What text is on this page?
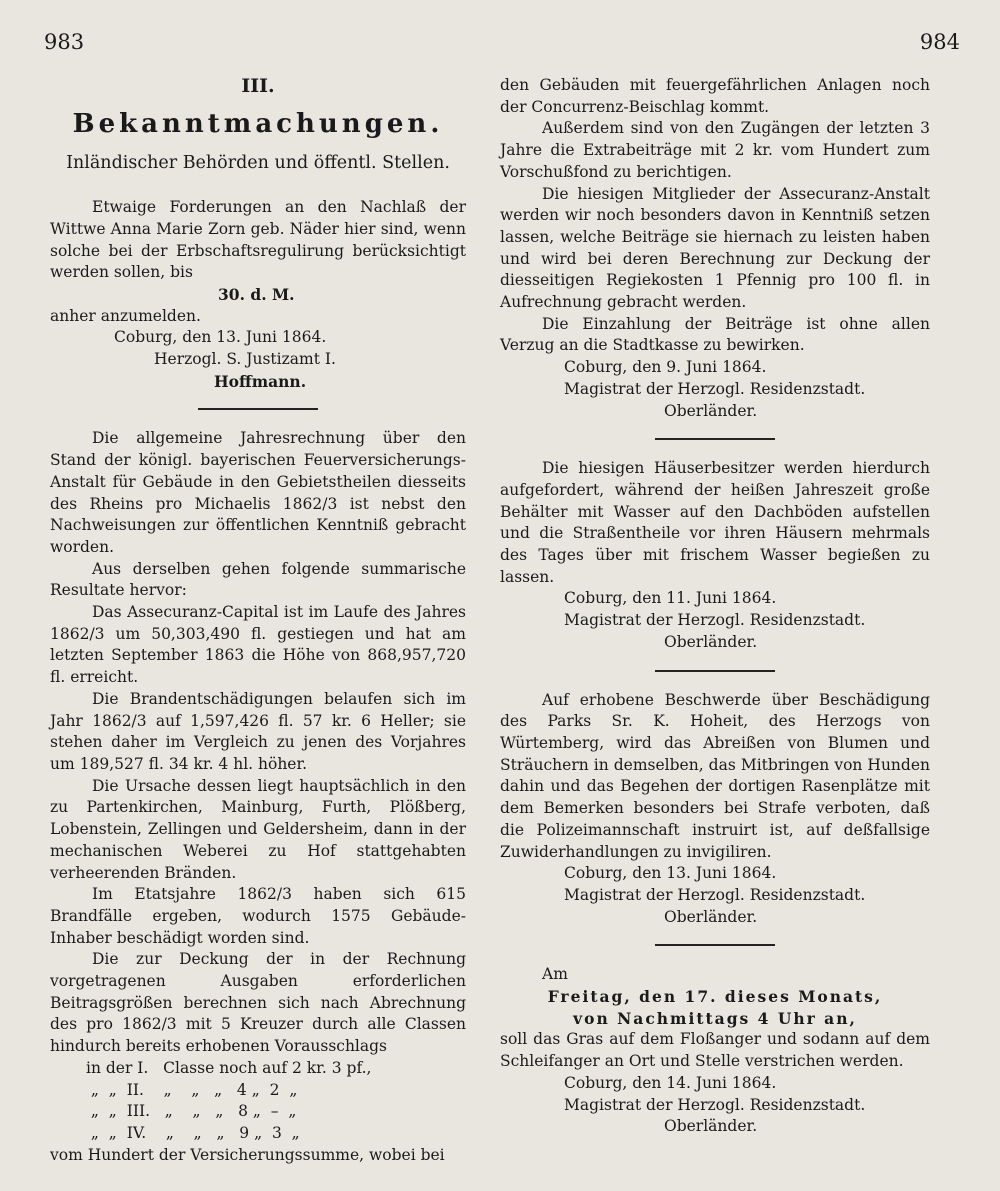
983	984
III.
Bekanntmachungen.
Inländischer Behörden und öffentl. Stellen.

Etwaige Forderungen an den Nachlaß der Wittwe Anna Marie Zorn geb. Näder hier sind, wenn solche bei der Erbschaftsregulirung berücksichtigt werden sollen, bis

30. d. M.

anher anzumelden.

Coburg, den 13. Juni 1864.

Herzogl. S. Justizamt I.

Hoffmann.

Die allgemeine Jahresrechnung über den Stand der königl. bayerischen Feuerversicherungs-Anstalt für Gebäude in den Gebietstheilen diesseits des Rheins pro Michaelis 1862/3 ist nebst den Nachweisungen zur öffentlichen Kenntniß gebracht worden.

Aus derselben gehen folgende summarische Resultate hervor:

Das Assecuranz-Capital ist im Laufe des Jahres 1862/3 um 50,303,490 fl. gestiegen und hat am letzten September 1863 die Höhe von 868,957,720 fl. erreicht.

Die Brandentschädigungen belaufen sich im Jahr 1862/3 auf 1,597,426 fl. 57 kr. 6 Heller; sie stehen daher im Vergleich zu jenen des Vorjahres um 189,527 fl. 34 kr. 4 hl. höher.

Die Ursache dessen liegt hauptsächlich in den zu Partenkirchen, Mainburg, Furth, Plößberg, Lobenstein, Zellingen und Geldersheim, dann in der mechanischen Weberei zu Hof stattgehabten verheerenden Bränden.

Im Etatsjahre 1862/3 haben sich 615 Brandfälle ergeben, wodurch 1575 Gebäude-Inhaber beschädigt worden sind.

Die zur Deckung der in der Rechnung vorgetragenen Ausgaben erforderlichen Beitragsgrößen berechnen sich nach Abrechnung des pro 1862/3 mit 5 Kreuzer durch alle Classen hindurch bereits erhobenen Vorausschlags

in der I.   Classe noch auf 2 kr. 3 pf.,
„  „  II.    „    „   „   4 „  2  „
„  „  III.   „    „   „   8 „  –  „
„  „  IV.    „    „   „   9 „  3  „

vom Hundert der Versicherungssumme, wobei bei

den Gebäuden mit feuergefährlichen Anlagen noch der Concurrenz-Beischlag kommt.

Außerdem sind von den Zugängen der letzten 3 Jahre die Extrabeiträge mit 2 kr. vom Hundert zum Vorschußfond zu berichtigen.

Die hiesigen Mitglieder der Assecuranz-Anstalt werden wir noch besonders davon in Kenntniß setzen lassen, welche Beiträge sie hiernach zu leisten haben und wird bei deren Berechnung zur Deckung der diesseitigen Regiekosten 1 Pfennig pro 100 fl. in Aufrechnung gebracht werden.

Die Einzahlung der Beiträge ist ohne allen Verzug an die Stadtkasse zu bewirken.

Coburg, den 9. Juni 1864.

Magistrat der Herzogl. Residenzstadt.

Oberländer.

Die hiesigen Häuserbesitzer werden hierdurch aufgefordert, während der heißen Jahreszeit große Behälter mit Wasser auf den Dachböden aufstellen und die Straßentheile vor ihren Häusern mehrmals des Tages über mit frischem Wasser begießen zu lassen.

Coburg, den 11. Juni 1864.

Magistrat der Herzogl. Residenzstadt.

Oberländer.

Auf erhobene Beschwerde über Beschädigung des Parks Sr. K. Hoheit, des Herzogs von Würtemberg, wird das Abreißen von Blumen und Sträuchern in demselben, das Mitbringen von Hunden dahin und das Begehen der dortigen Rasenplätze mit dem Bemerken besonders bei Strafe verboten, daß die Polizeimannschaft instruirt ist, auf deßfallsige Zuwiderhandlungen zu invigiliren.

Coburg, den 13. Juni 1864.

Magistrat der Herzogl. Residenzstadt.

Oberländer.

Am

Freitag, den 17. dieses Monats,

von Nachmittags 4 Uhr an,

soll das Gras auf dem Floßanger und sodann auf dem Schleifanger an Ort und Stelle verstrichen werden.

Coburg, den 14. Juni 1864.

Magistrat der Herzogl. Residenzstadt.

Oberländer.
